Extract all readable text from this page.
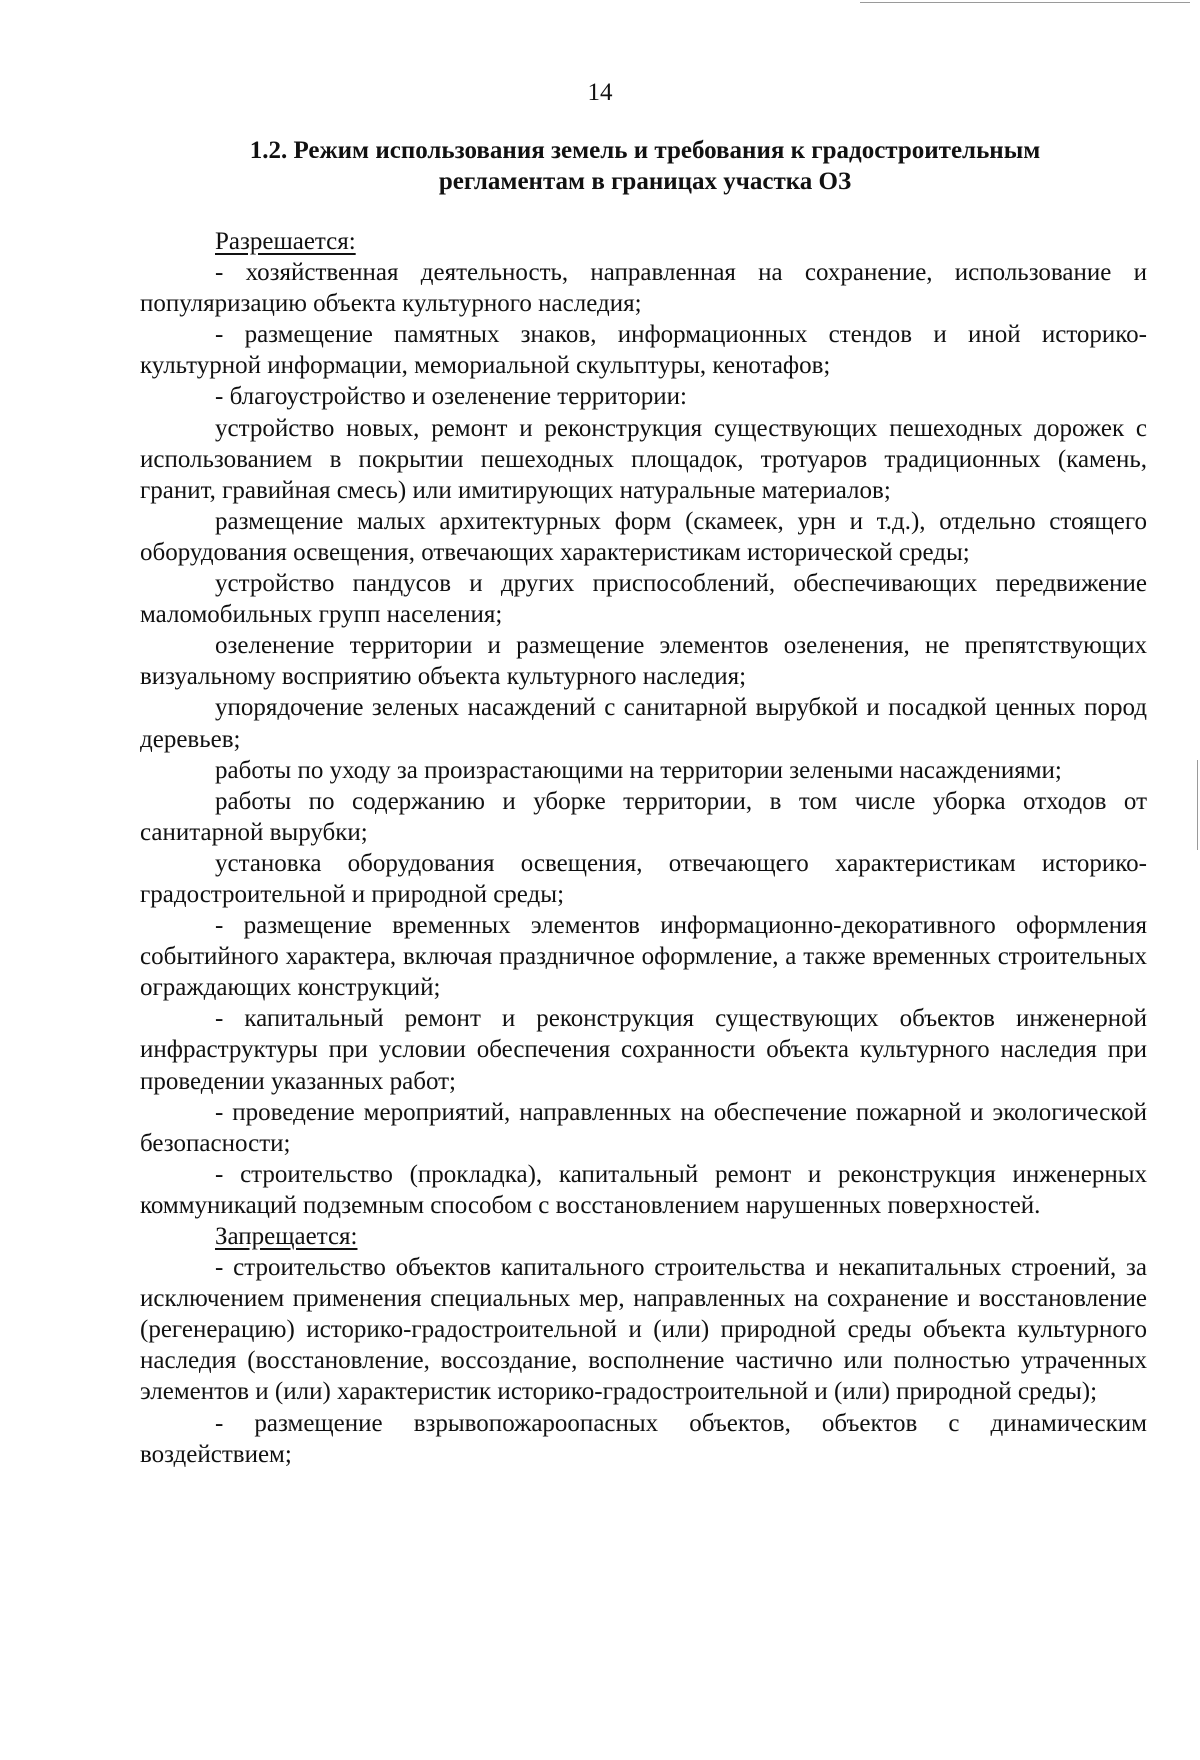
14
1.2. Режим использования земель и требования к градостроительным
регламентам в границах участка ОЗ

Разрешается:

- хозяйственная деятельность, направленная на сохранение, использование и популяризацию объекта культурного наследия;

- размещение памятных знаков, информационных стендов и иной историко-культурной информации, мемориальной скульптуры, кенотафов;

- благоустройство и озеленение территории:

устройство новых, ремонт и реконструкция существующих пешеходных дорожек с использованием в покрытии пешеходных площадок, тротуаров традиционных (камень, гранит, гравийная смесь) или имитирующих натуральные материалов;

размещение малых архитектурных форм (скамеек, урн и т.д.), отдельно стоящего оборудования освещения, отвечающих характеристикам исторической среды;

устройство пандусов и других приспособлений, обеспечивающих передвижение маломобильных групп населения;

озеленение территории и размещение элементов озеленения, не препятствующих визуальному восприятию объекта культурного наследия;

упорядочение зеленых насаждений с санитарной вырубкой и посадкой ценных пород деревьев;

работы по уходу за произрастающими на территории зелеными насаждениями;

работы по содержанию и уборке территории, в том числе уборка отходов от санитарной вырубки;

установка оборудования освещения, отвечающего характеристикам историко-градостроительной и природной среды;

- размещение временных элементов информационно-декоративного оформления событийного характера, включая праздничное оформление, а также временных строительных ограждающих конструкций;

- капитальный ремонт и реконструкция существующих объектов инженерной инфраструктуры при условии обеспечения сохранности объекта культурного наследия при проведении указанных работ;

- проведение мероприятий, направленных на обеспечение пожарной и экологической безопасности;

- строительство (прокладка), капитальный ремонт и реконструкция инженерных коммуникаций подземным способом с восстановлением нарушенных поверхностей.

Запрещается:

- строительство объектов капитального строительства и некапитальных строений, за исключением применения специальных мер, направленных на сохранение и восстановление (регенерацию) историко-градостроительной и (или) природной среды объекта культурного наследия (восстановление, воссоздание, восполнение частично или полностью утраченных элементов и (или) характеристик историко-градостроительной и (или) природной среды);

- размещение взрывопожароопасных объектов, объектов с динамическим воздействием;
